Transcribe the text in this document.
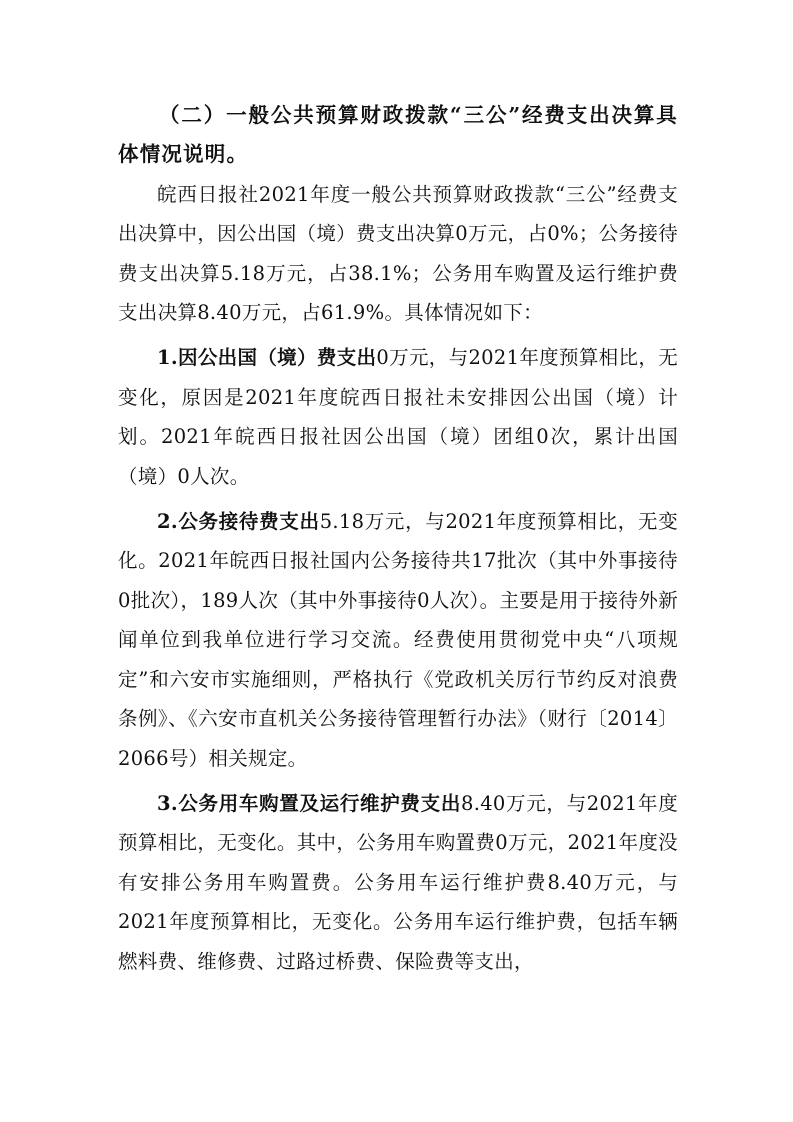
（二）一般公共预算财政拨款“三公”经费支出决算具体情况说明。

皖西日报社2021年度一般公共预算财政拨款“三公”经费支出决算中，因公出国（境）费支出决算0万元，占0%；公务接待费支出决算5.18万元，占38.1%；公务用车购置及运行维护费支出决算8.40万元，占61.9%。具体情况如下：

1.因公出国（境）费支出0万元，与2021年度预算相比，无变化，原因是2021年度皖西日报社未安排因公出国（境）计划。2021年皖西日报社因公出国（境）团组0次，累计出国（境）0人次。

2.公务接待费支出5.18万元，与2021年度预算相比，无变化。2021年皖西日报社国内公务接待共17批次（其中外事接待0批次），189人次（其中外事接待0人次）。主要是用于接待外新闻单位到我单位进行学习交流。经费使用贯彻党中央“八项规定”和六安市实施细则，严格执行《党政机关厉行节约反对浪费条例》、《六安市直机关公务接待管理暂行办法》（财行〔2014〕2066号）相关规定。

3.公务用车购置及运行维护费支出8.40万元，与2021年度预算相比，无变化。其中，公务用车购置费0万元，2021年度没有安排公务用车购置费。公务用车运行维护费8.40万元，与2021年度预算相比，无变化。公务用车运行维护费，包括车辆燃料费、维修费、过路过桥费、保险费等支出，
